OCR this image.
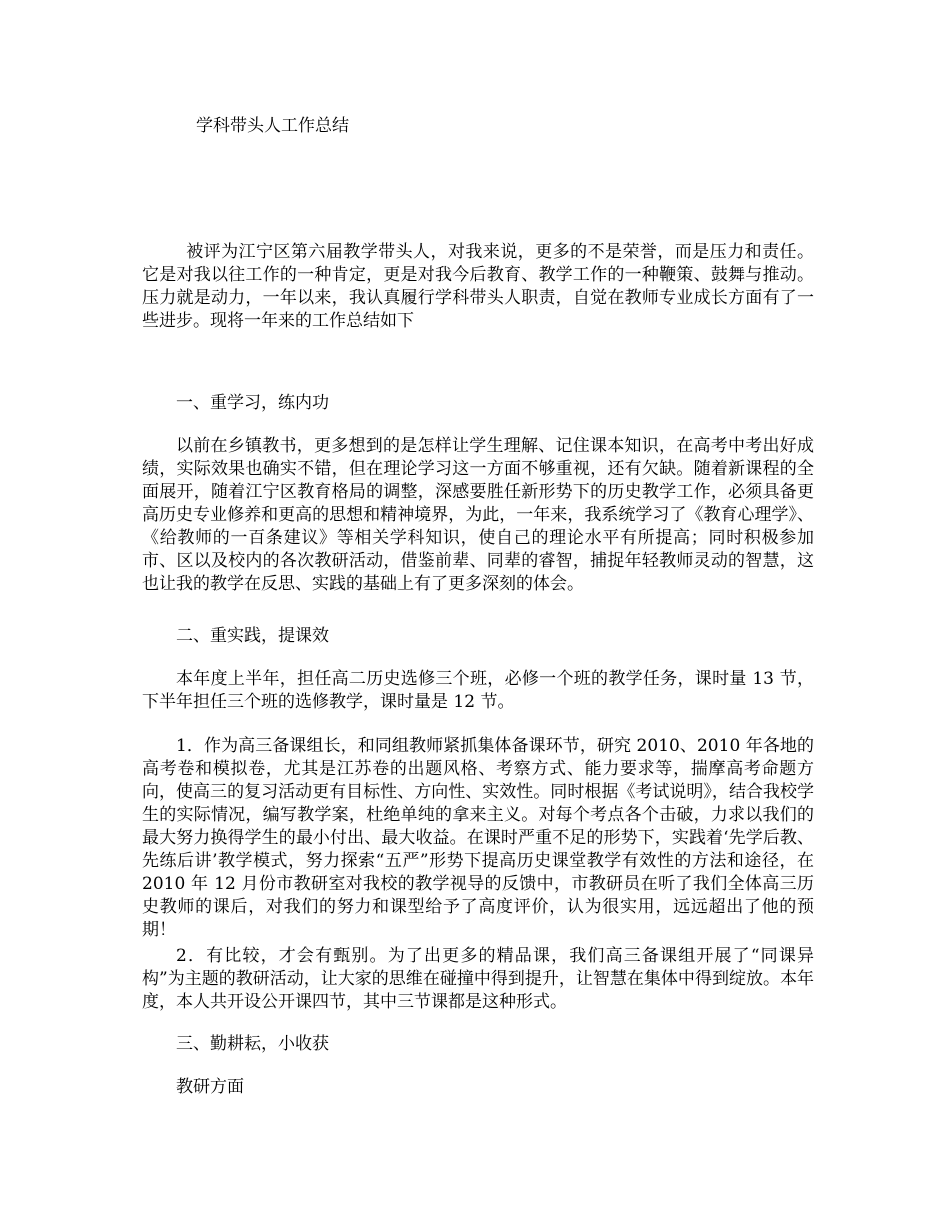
学科带头人工作总结

被评为江宁区第六届教学带头人，对我来说，更多的不是荣誉，而是压力和责任。它是对我以往工作的一种肯定，更是对我今后教育、教学工作的一种鞭策、鼓舞与推动。压力就是动力，一年以来，我认真履行学科带头人职责，自觉在教师专业成长方面有了一些进步。现将一年来的工作总结如下

一、重学习，练内功

以前在乡镇教书，更多想到的是怎样让学生理解、记住课本知识，在高考中考出好成绩，实际效果也确实不错，但在理论学习这一方面不够重视，还有欠缺。随着新课程的全面展开，随着江宁区教育格局的调整，深感要胜任新形势下的历史教学工作，必须具备更高历史专业修养和更高的思想和精神境界，为此，一年来，我系统学习了《教育心理学》、《给教师的一百条建议》等相关学科知识，使自己的理论水平有所提高；同时积极参加市、区以及校内的各次教研活动，借鉴前辈、同辈的睿智，捕捉年轻教师灵动的智慧，这也让我的教学在反思、实践的基础上有了更多深刻的体会。

二、重实践，提课效

本年度上半年，担任高二历史选修三个班，必修一个班的教学任务，课时量 13 节，下半年担任三个班的选修教学，课时量是 12 节。

1．作为高三备课组长，和同组教师紧抓集体备课环节，研究 2010、2010 年各地的高考卷和模拟卷，尤其是江苏卷的出题风格、考察方式、能力要求等，揣摩高考命题方向，使高三的复习活动更有目标性、方向性、实效性。同时根据《考试说明》，结合我校学生的实际情况，编写教学案，杜绝单纯的拿来主义。对每个考点各个击破，力求以我们的最大努力换得学生的最小付出、最大收益。在课时严重不足的形势下，实践着‘先学后教、先练后讲’教学模式，努力探索“五严”形势下提高历史课堂教学有效性的方法和途径，在 2010 年 12 月份市教研室对我校的教学视导的反馈中，市教研员在听了我们全体高三历史教师的课后，对我们的努力和课型给予了高度评价，认为很实用，远远超出了他的预期！

2．有比较，才会有甄别。为了出更多的精品课，我们高三备课组开展了“同课异构”为主题的教研活动，让大家的思维在碰撞中得到提升，让智慧在集体中得到绽放。本年度，本人共开设公开课四节，其中三节课都是这种形式。

三、勤耕耘，小收获

教研方面
